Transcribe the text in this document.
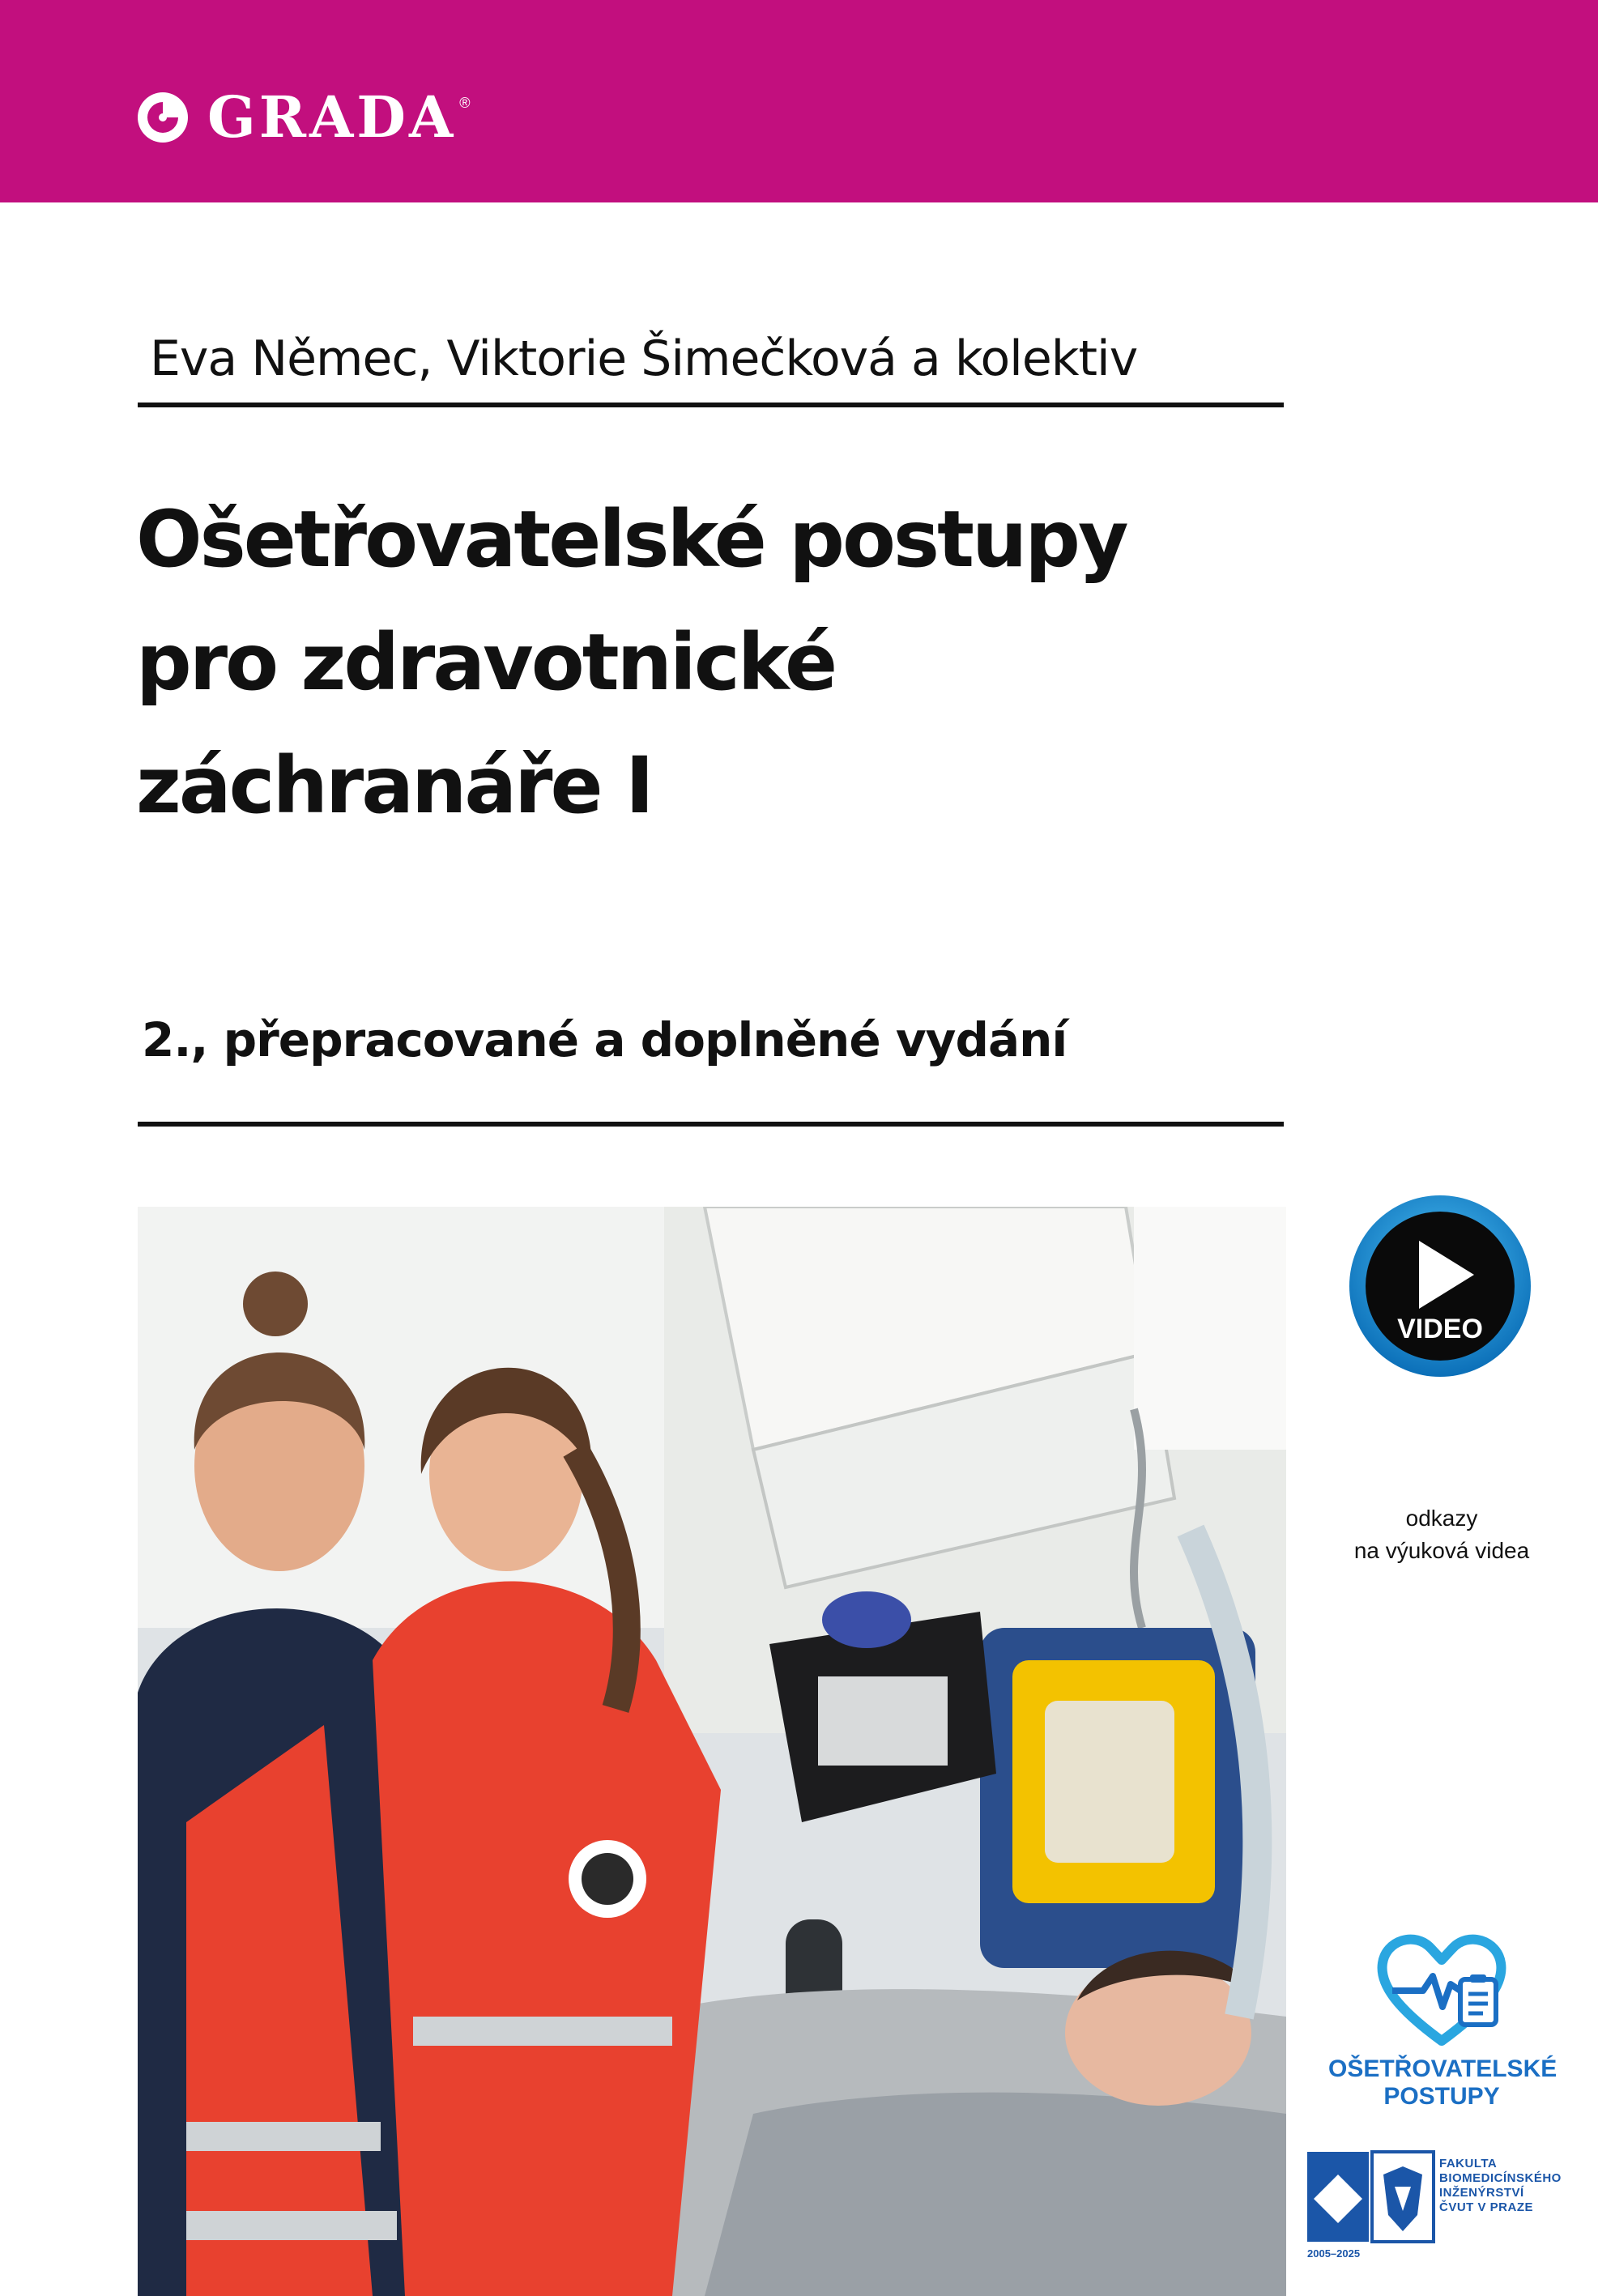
GRADA ®
Eva Němec, Viktorie Šimečková a kolektiv
Ošetřovatelské postupy
pro zdravotnické
záchranáře I
2., přepracované a doplněné vydání
VIDEO
odkazy
na výuková videa
OŠETŘOVATELSKÉ
POSTUPY
FAKULTA
BIOMEDICÍNSKÉHO
INŽENÝRSTVÍ
ČVUT V PRAZE
2005–2025
